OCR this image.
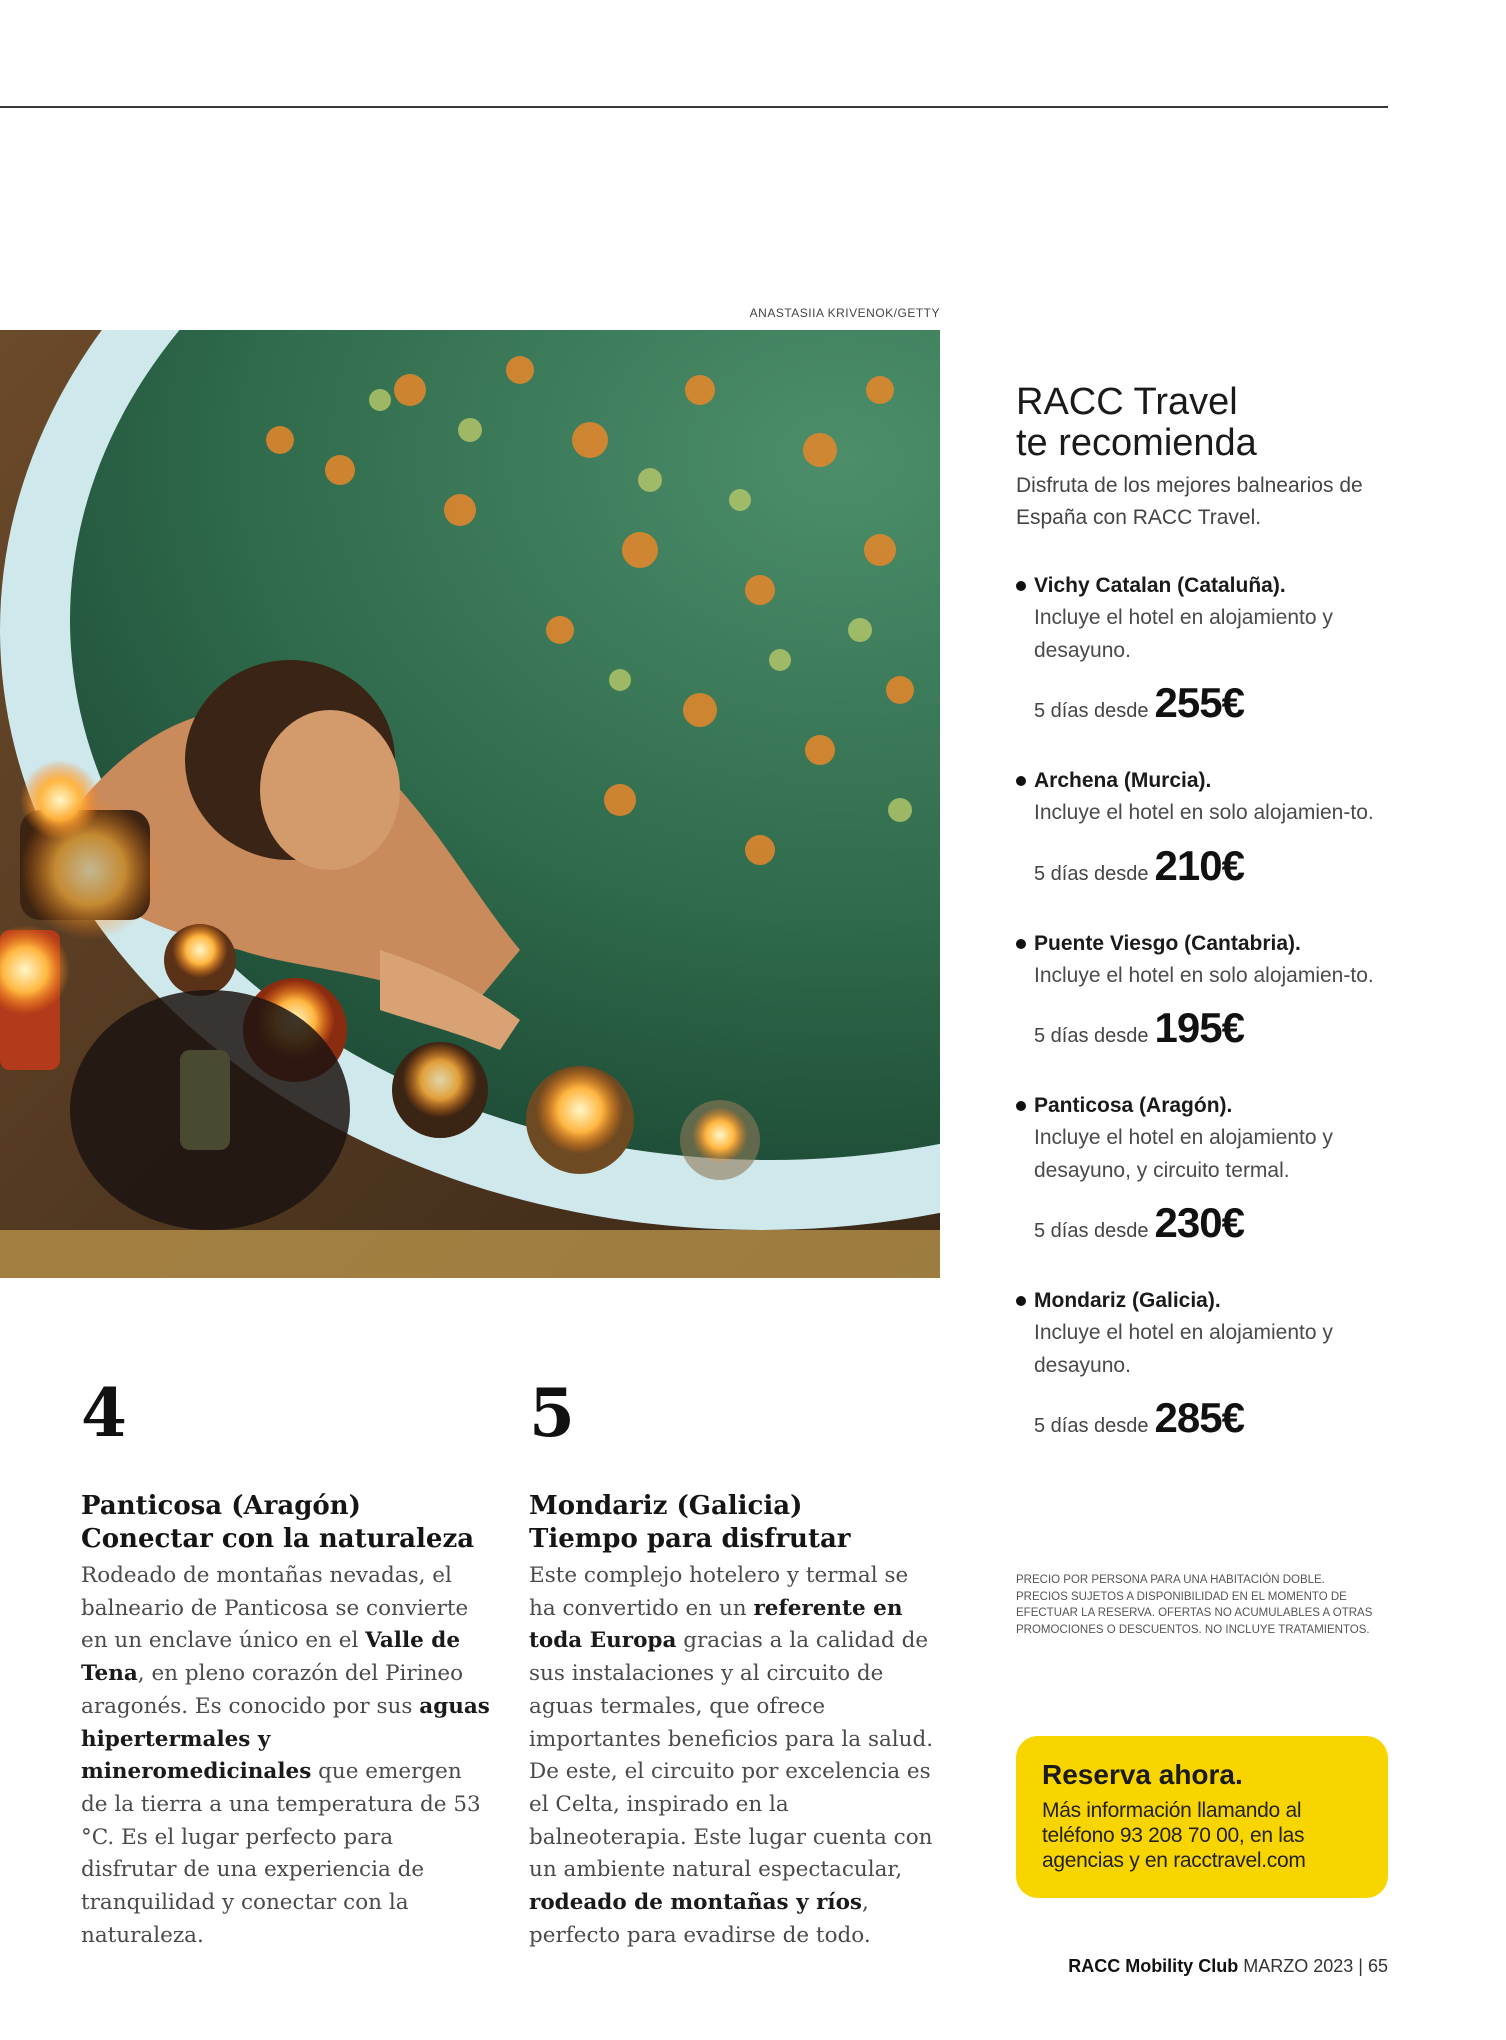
ANASTASIIA KRIVENOK/GETTY
4
Panticosa (Aragón)
Conectar con la naturaleza
Rodeado de montañas nevadas, el balneario de Panticosa se convierte en un enclave único en el Valle de Tena, en pleno corazón del Pirineo aragonés. Es conocido por sus aguas hipertermales y mineromedicinales que emergen de la tierra a una temperatura de 53 °C. Es el lugar perfecto para disfrutar de una experiencia de tranquilidad y conectar con la naturaleza.
5
Mondariz (Galicia)
Tiempo para disfrutar
Este complejo hotelero y termal se ha convertido en un referente en toda Europa gracias a la calidad de sus instalaciones y al circuito de aguas termales, que ofrece importantes beneficios para la salud. De este, el circuito por excelencia es el Celta, inspirado en la balneoterapia. Este lugar cuenta con un ambiente natural espectacular, rodeado de montañas y ríos, perfecto para evadirse de todo.
RACC Travel
te recomienda
Disfruta de los mejores balnearios de España con RACC Travel.
Vichy Catalan (Cataluña).
Incluye el hotel en alojamiento y desayuno.
5 días desde 255€
Archena (Murcia).
Incluye el hotel en solo alojamien-to.
5 días desde 210€
Puente Viesgo (Cantabria).
Incluye el hotel en solo alojamien-to.
5 días desde 195€
Panticosa (Aragón).
Incluye el hotel en alojamiento y desayuno, y circuito termal.
5 días desde 230€
Mondariz (Galicia).
Incluye el hotel en alojamiento y desayuno.
5 días desde 285€
PRECIO POR PERSONA PARA UNA HABITACIÓN DOBLE. PRECIOS SUJETOS A DISPONIBILIDAD EN EL MOMENTO DE EFECTUAR LA RESERVA. OFERTAS NO ACUMULABLES A OTRAS PROMOCIONES O DESCUENTOS. NO INCLUYE TRATAMIENTOS.
Reserva ahora.
Más información llamando al teléfono 93 208 70 00, en las agencias y en racctravel.com
RACC Mobility Club MARZO 2023 | 65
